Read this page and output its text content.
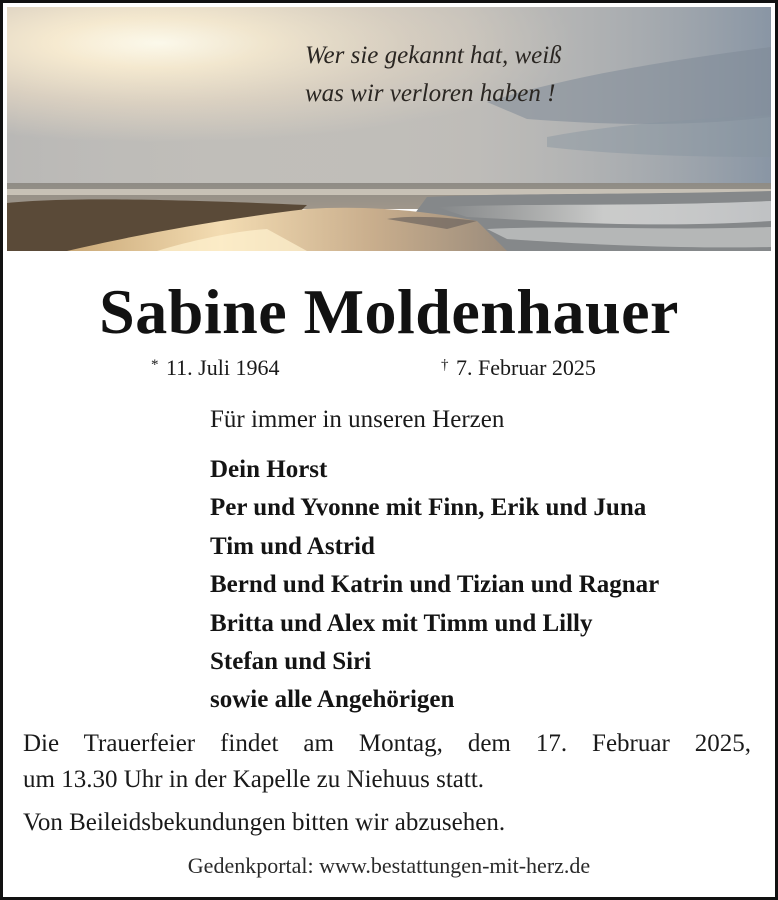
Wer sie gekannt hat, weiß
was wir verloren haben !
Sabine Moldenhauer
* 11. Juli 1964	† 7. Februar 2025
Für immer in unseren Herzen
Dein Horst
Per und Yvonne mit Finn, Erik und Juna
Tim und Astrid
Bernd und Katrin und Tizian und Ragnar
Britta und Alex mit Timm und Lilly
Stefan und Siri
sowie alle Angehörigen
Die Trauerfeier findet am Montag, dem 17. Februar 2025,
um 13.30 Uhr in der Kapelle zu Niehuus statt.
Von Beileidsbekundungen bitten wir abzusehen.
Gedenkportal: www.bestattungen-mit-herz.de
